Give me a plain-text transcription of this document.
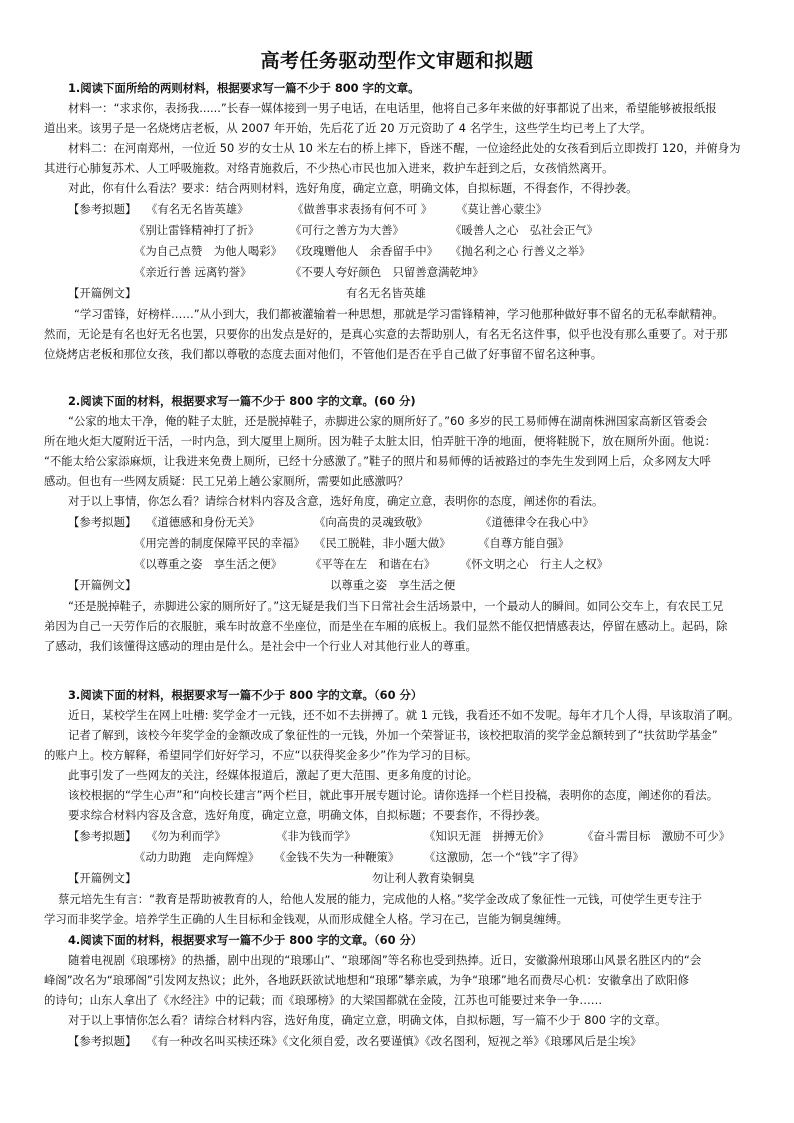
高考任务驱动型作文审题和拟题
1.阅读下面所给的两则材料，根据要求写一篇不少于 800 字的文章。
材料一：“求求你，表扬我......”长春一媒体接到一男子电话，在电话里，他将自己多年来做的好事都说了出来，希望能够被报纸报
道出来。该男子是一名烧烤店老板，从 2007 年开始，先后花了近 20 万元资助了 4 名学生，这些学生均已考上了大学。
材料二：在河南郑州，一位近 50 岁的女士从 10 米左右的桥上摔下，昏迷不醒，一位途经此处的女孩看到后立即拨打 120，并俯身为
其进行心肺复苏术、人工呼吸施救。对络青施救后，不少热心市民也加入进来，救护车赶到之后，女孩悄然离开。
对此，你有什么看法？要求：结合两则材料，选好角度，确定立意，明确文体，自拟标题，不得套作，不得抄袭。
【参考拟题】 《有名无名皆英雄》	《做善事求表扬有何不可 》 《莫让善心蒙尘》
《别让雷锋精神打了折》	《可行之善方为大善》	《暖善人之心　弘社会正气》
《为自己点赞　为他人喝彩》 《玫瑰赠他人　余香留手中》 《抛名利之心 行善义之举》
《亲近行善 远离钓誉》	《不要人夸好颜色　只留善意满乾坤》
【开篇例文】	有名无名皆英雄
“学习雷锋，好榜样……”从小到大，我们都被灌输着一种思想，那就是学习雷锋精神，学习他那种做好事不留名的无私奉献精神。
然而，无论是有名也好无名也罢，只要你的出发点是好的，是真心实意的去帮助别人，有名无名这件事，似乎也没有那么重要了。对于那
位烧烤店老板和那位女孩，我们都以尊敬的态度去面对他们，不管他们是否在乎自己做了好事留不留名这种事。
2.阅读下面的材料，根据要求写一篇不少于 800 字的文章。(60 分)
“公家的地太干净，俺的鞋子太脏，还是脱掉鞋子，赤脚进公家的厕所好了。”60 多岁的民工易师傅在湖南株洲国家高新区管委会
所在地火炬大厦附近干活，一时内急，到大厦里上厕所。因为鞋子太脏太旧，怕弄脏干净的地面，便将鞋脱下，放在厕所外面。他说：
“不能太给公家添麻烦，让我进来免费上厕所，已经十分感激了。”鞋子的照片和易师傅的话被路过的李先生发到网上后，众多网友大呼
感动。但也有一些网友质疑：民工兄弟上趟公家厕所，需要如此感激吗？
对于以上事情，你怎么看？请综合材料内容及含意，选好角度，确定立意，表明你的态度，阐述你的看法。
【参考拟题】 《道德感和身份无关》	《向高贵的灵魂致敬》	《道德律令在我心中》
《用完善的制度保障平民的幸福》 《民工脱鞋，非小题大做》 《自尊方能自强》
《以尊重之姿　享生活之便》 《平等在左　和谐在右》 《怀文明之心　行主人之权》
【开篇例文】	以尊重之姿　享生活之便
“还是脱掉鞋子，赤脚进公家的厕所好了。”这无疑是我们当下日常社会生活场景中，一个最动人的瞬间。如同公交车上，有农民工兄
弟因为自己一天劳作后的衣服脏，乘车时故意不坐座位，而是坐在车厢的底板上。我们显然不能仅把情感表达，停留在感动上。起码，除
了感动，我们该懂得这感动的理由是什么。是社会中一个行业人对其他行业人的尊重。
3.阅读下面的材料，根据要求写一篇不少于 800 字的文章。（60 分）
近日，某校学生在网上吐槽: 奖学金才一元钱，还不如不去拼搏了。就 1 元钱，我看还不如不发呢。每年才几个人得，早该取消了啊。
记者了解到，该校今年奖学金的金额改成了象征性的一元钱，外加一个荣誉证书，该校把取消的奖学金总额转到了“扶贫助学基金”
的账户上。校方解释，希望同学们好好学习，不应“以获得奖金多少”作为学习的目标。
此事引发了一些网友的关注，经媒体报道后，激起了更大范围、更多角度的讨论。
该校根据的“学生心声”和“向校长建言”两个栏目，就此事开展专题讨论。请你选择一个栏目投稿，表明你的态度，阐述你的看法。
要求综合材料内容及含意，选好角度，确定立意，明确文体，自拟标题；不要套作，不得抄袭。
【参考拟题】 《勿为利而学》	《非为钱而学》	《知识无涯　拼搏无价》	《奋斗需目标　激励不可少》
《动力助跑　走向辉煌》 《金钱不失为一种鞭策》 《这激励，怎一个“钱”字了得》
【开篇例文】	勿让利人教育染铜臭
蔡元培先生有言：“教育是帮助被教育的人，给他人发展的能力，完成他的人格。”奖学金改成了象征性一元钱，可使学生更专注于
学习而非奖学金。培养学生正确的人生目标和金钱观，从而形成健全人格。学习在己，岂能为铜臭缠缚。
4.阅读下面的材料，根据要求写一篇不少于 800 字的文章。（60 分）
随着电视剧《琅琊榜》的热播，剧中出现的“琅琊山”、“琅琊阁”等名称也受到热捧。近日，安徽滁州琅琊山风景名胜区内的“会
峰阁”改名为“琅琊阁”引发网友热议；此外，各地跃跃欲试地想和“琅琊”攀亲戚，为争“琅琊”地名而费尽心机：安徽拿出了欧阳修
的诗句；山东人拿出了《水经注》中的记载；而《琅琊榜》的大梁国都就在金陵，江苏也可能要过来争一争……
对于以上事情你怎么看？请综合材料内容，选好角度，确定立意，明确文体，自拟标题，写一篇不少于 800 字的文章。
【参考拟题】 《有一种改名叫买椟还珠》《文化须自爱，改名要谨慎》《改名图利，短视之举》《琅琊风后是尘埃》
